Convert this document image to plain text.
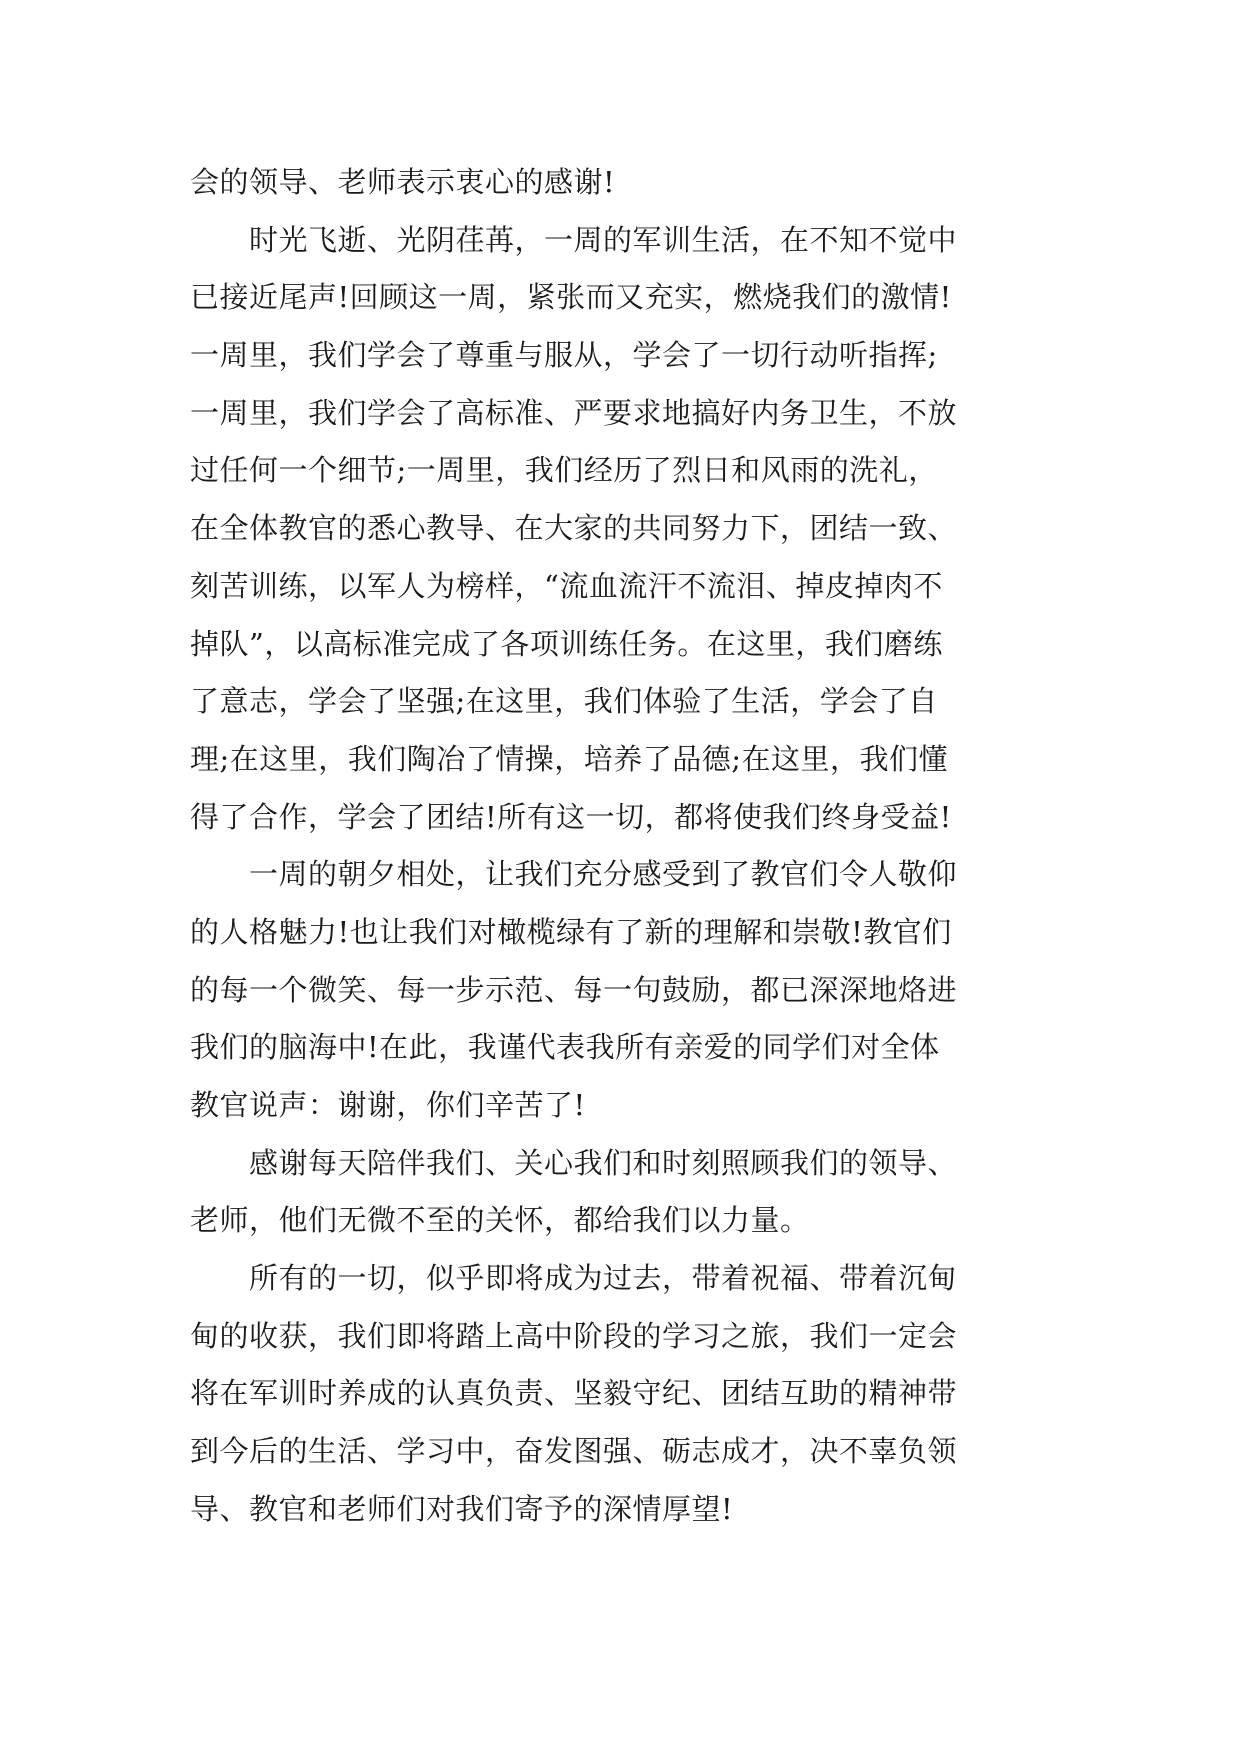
会的领导、老师表示衷心的感谢!
　　时光飞逝、光阴荏苒，一周的军训生活，在不知不觉中
已接近尾声!回顾这一周，紧张而又充实，燃烧我们的激情!
一周里，我们学会了尊重与服从，学会了一切行动听指挥;
一周里，我们学会了高标准、严要求地搞好内务卫生，不放
过任何一个细节;一周里，我们经历了烈日和风雨的洗礼，
在全体教官的悉心教导、在大家的共同努力下，团结一致、
刻苦训练，以军人为榜样，“流血流汗不流泪、掉皮掉肉不
掉队”，以高标准完成了各项训练任务。在这里，我们磨练
了意志，学会了坚强;在这里，我们体验了生活，学会了自
理;在这里，我们陶冶了情操，培养了品德;在这里，我们懂
得了合作，学会了团结!所有这一切，都将使我们终身受益!
　　一周的朝夕相处，让我们充分感受到了教官们令人敬仰
的人格魅力!也让我们对橄榄绿有了新的理解和崇敬!教官们
的每一个微笑、每一步示范、每一句鼓励，都已深深地烙进
我们的脑海中!在此，我谨代表我所有亲爱的同学们对全体
教官说声：谢谢，你们辛苦了!
　　感谢每天陪伴我们、关心我们和时刻照顾我们的领导、
老师，他们无微不至的关怀，都给我们以力量。
　　所有的一切，似乎即将成为过去，带着祝福、带着沉甸
甸的收获，我们即将踏上高中阶段的学习之旅，我们一定会
将在军训时养成的认真负责、坚毅守纪、团结互助的精神带
到今后的生活、学习中，奋发图强、砺志成才，决不辜负领
导、教官和老师们对我们寄予的深情厚望!
